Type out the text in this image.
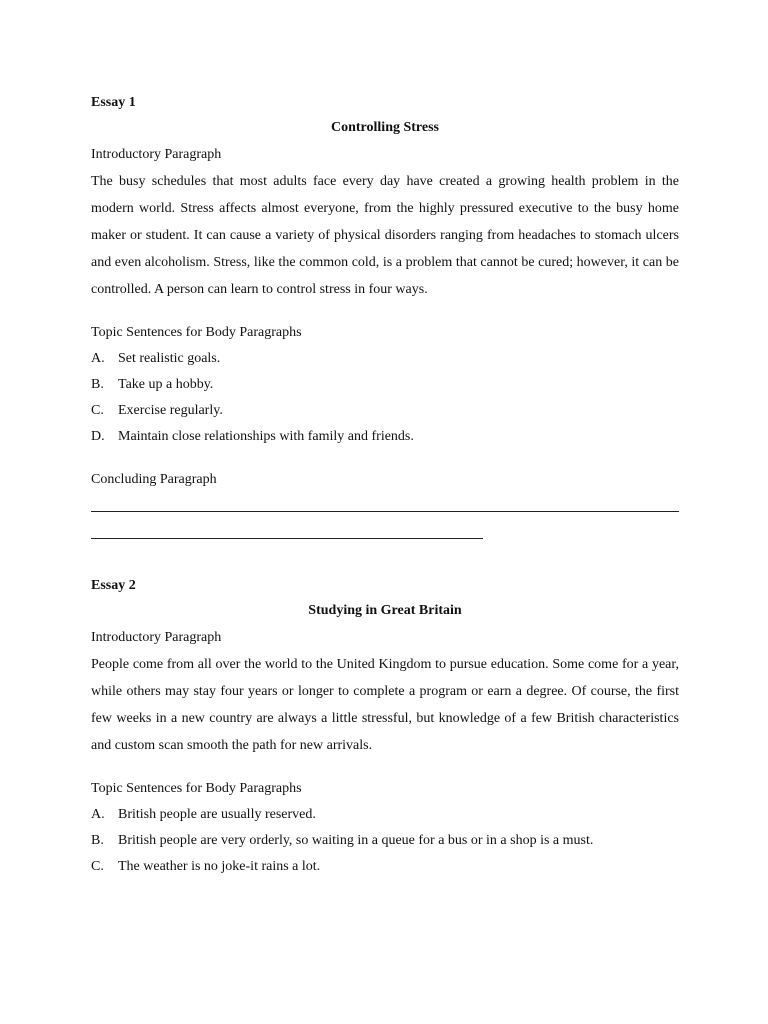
Essay 1
Controlling Stress
Introductory Paragraph

The busy schedules that most adults face every day have created a growing health problem in the modern world. Stress affects almost everyone, from the highly pressured executive to the busy home maker or student. It can cause a variety of physical disorders ranging from headaches to stomach ulcers and even alcoholism. Stress, like the common cold, is a problem that cannot be cured; however, it can be controlled. A person can learn to control stress in four ways.

Topic Sentences for Body Paragraphs
A. Set realistic goals.
B.	Take up a hobby.
C.	Exercise regularly.
D. Maintain close relationships with family and friends.
Concluding Paragraph
Essay 2
Studying in Great Britain
Introductory Paragraph

People come from all over the world to the United Kingdom to pursue education. Some come for a year, while others may stay four years or longer to complete a program or earn a degree. Of course, the first few weeks in a new country are always a little stressful, but knowledge of a few British characteristics and custom scan smooth the path for new arrivals.

Topic Sentences for Body Paragraphs
A. British people are usually reserved.
B.	British people are very orderly, so waiting in a queue for a bus or in a shop is a must.
C.	The weather is no joke-it rains a lot.
